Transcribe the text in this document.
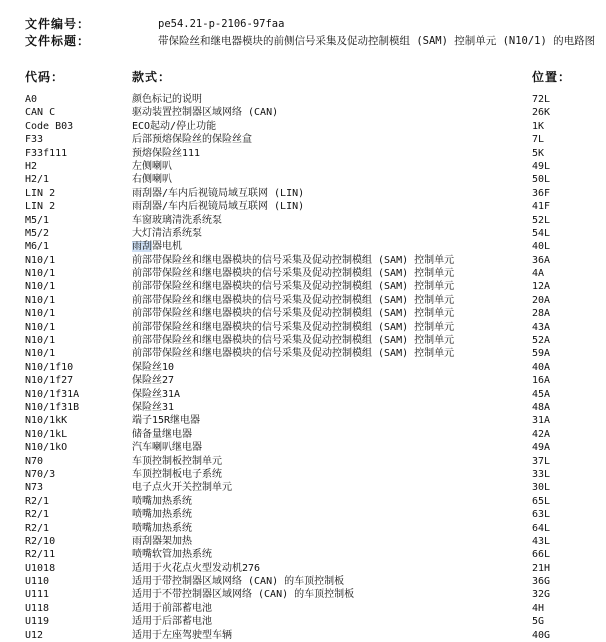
文件编号：	pe54.21-p-2106-97faa
文件标题：	带保险丝和继电器模块的前侧信号采集及促动控制模组 (SAM) 控制单元 (N10/1) 的电路图
代码：	款式：	位置：
A0	颜色标记的说明	72L
CAN C	驱动装置控制器区域网络 (CAN)	26K
Code B03	ECO起动/停止功能	1K
F33	后部预熔保险丝的保险丝盒	7L
F33f111	预熔保险丝111	5K
H2	左侧喇叭	49L
H2/1	右侧喇叭	50L
LIN 2	雨刮器/车内后视镜局域互联网 (LIN)	36F
LIN 2	雨刮器/车内后视镜局域互联网 (LIN)	41F
M5/1	车窗玻璃清洗系统泵	52L
M5/2	大灯清洁系统泵	54L
M6/1	雨刮器电机	40L
N10/1	前部带保险丝和继电器模块的信号采集及促动控制模组 (SAM) 控制单元	36A
N10/1	前部带保险丝和继电器模块的信号采集及促动控制模组 (SAM) 控制单元	4A
N10/1	前部带保险丝和继电器模块的信号采集及促动控制模组 (SAM) 控制单元	12A
N10/1	前部带保险丝和继电器模块的信号采集及促动控制模组 (SAM) 控制单元	20A
N10/1	前部带保险丝和继电器模块的信号采集及促动控制模组 (SAM) 控制单元	28A
N10/1	前部带保险丝和继电器模块的信号采集及促动控制模组 (SAM) 控制单元	43A
N10/1	前部带保险丝和继电器模块的信号采集及促动控制模组 (SAM) 控制单元	52A
N10/1	前部带保险丝和继电器模块的信号采集及促动控制模组 (SAM) 控制单元	59A
N10/1f10	保险丝10	40A
N10/1f27	保险丝27	16A
N10/1f31A	保险丝31A	45A
N10/1f31B	保险丝31	48A
N10/1kK	端子15R继电器	31A
N10/1kL	储备量继电器	42A
N10/1kO	汽车喇叭继电器	49A
N70	车顶控制板控制单元	37L
N70/3	车顶控制板电子系统	33L
N73	电子点火开关控制单元	30L
R2/1	喷嘴加热系统	65L
R2/1	喷嘴加热系统	63L
R2/1	喷嘴加热系统	64L
R2/10	雨刮器架加热	43L
R2/11	喷嘴软管加热系统	66L
U1018	适用于火花点火型发动机276	21H
U110	适用于带控制器区域网络 (CAN) 的车顶控制板	36G
U111	适用于不带控制器区域网络 (CAN) 的车顶控制板	32G
U118	适用于前部蓄电池	4H
U119	适用于后部蓄电池	5G
U12	适用于左座驾驶型车辆	40G
